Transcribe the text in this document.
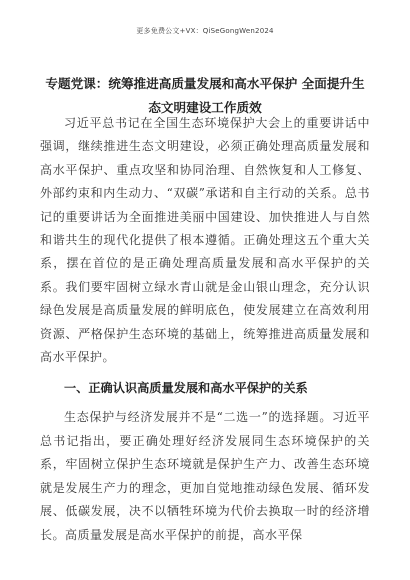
更多免费公文+VX：QiSeGongWen2024
专题党课：统筹推进高质量发展和高水平保护 全面提升生态文明建设工作质效

习近平总书记在全国生态环境保护大会上的重要讲话中强调，继续推进生态文明建设，必须正确处理高质量发展和高水平保护、重点攻坚和协同治理、自然恢复和人工修复、外部约束和内生动力、“双碳”承诺和自主行动的关系。总书记的重要讲话为全面推进美丽中国建设、加快推进人与自然和谐共生的现代化提供了根本遵循。正确处理这五个重大关系，摆在首位的是正确处理高质量发展和高水平保护的关系。我们要牢固树立绿水青山就是金山银山理念，充分认识绿色发展是高质量发展的鲜明底色，使发展建立在高效利用资源、严格保护生态环境的基础上，统筹推进高质量发展和高水平保护。

一、正确认识高质量发展和高水平保护的关系

生态保护与经济发展并不是“二选一”的选择题。习近平总书记指出，要正确处理好经济发展同生态环境保护的关系，牢固树立保护生态环境就是保护生产力、改善生态环境就是发展生产力的理念，更加自觉地推动绿色发展、循环发展、低碳发展，决不以牺牲环境为代价去换取一时的经济增长。高质量发展是高水平保护的前提，高水平保
